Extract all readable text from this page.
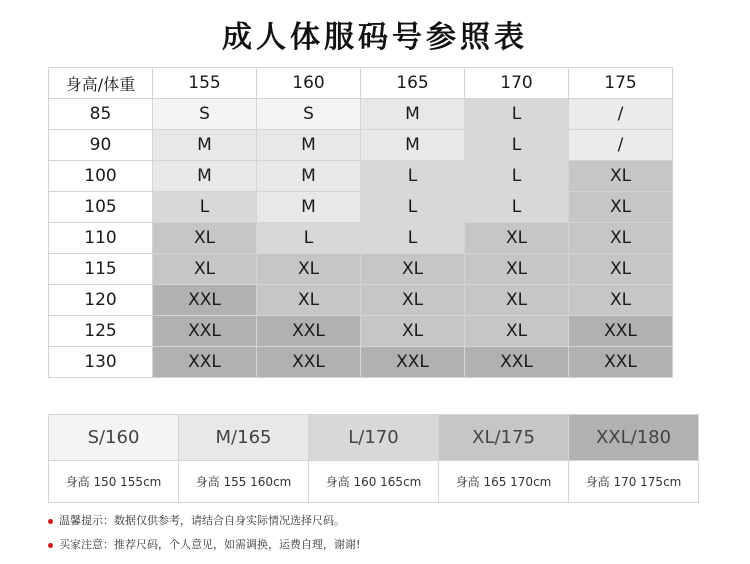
成人体服码号参照表
身高/体重	155	160	165	170	175
85	S	S	M	L	/
90	M	M	M	L	/
100	M	M	L	L	XL
105	L	M	L	L	XL
110	XL	L	L	XL	XL
115	XL	XL	XL	XL	XL
120	XXL	XL	XL	XL	XL
125	XXL	XXL	XL	XL	XXL
130	XXL	XXL	XXL	XXL	XXL
S/160	M/165	L/170	XL/175	XXL/180
身高 150 155cm	身高 155 160cm	身高 160 165cm	身高 165 170cm	身高 170 175cm
温馨提示：数据仅供参考，请结合自身实际情况选择尺码。
买家注意：推荐尺码，个人意见，如需调换，运费自理，谢谢!
